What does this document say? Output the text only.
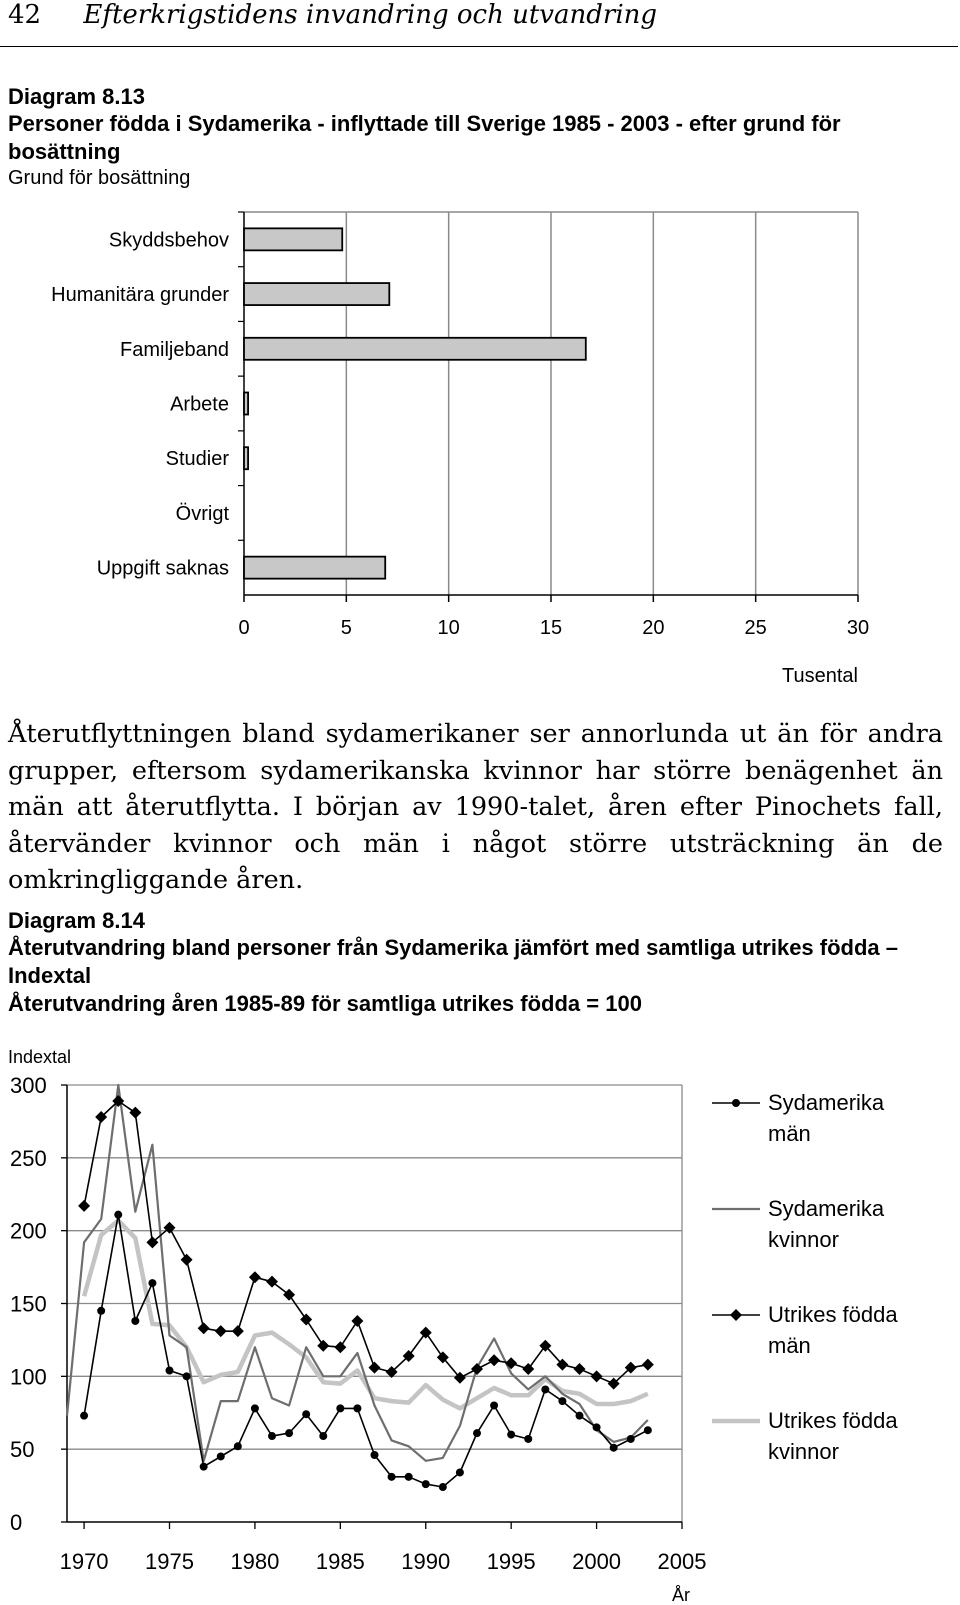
42 Efterkrigstidens invandring och utvandring
Diagram 8.13
Personer födda i Sydamerika - inflyttade till Sverige 1985 - 2003 - efter grund för bosättning
Grund för bosättning
0	5	10	15	20	25	30
Skyddsbehov
Humanitära grunder
Familjeband
Arbete
Studier
Övrigt
Uppgift saknas
Tusental
Återutflyttningen bland sydamerikaner ser annorlunda ut än för andra grupper, eftersom sydamerikanska kvinnor har större benägenhet än män att återutflytta. I början av 1990-talet, åren efter Pinochets fall, återvänder kvinnor och män i något större utsträckning än de omkringliggande åren.
Diagram 8.14
Återutvandring bland personer från Sydamerika jämfört med samtliga utrikes födda – Indextal
Återutvandring åren 1985-89 för samtliga utrikes födda = 100
0
50
100
150
200
250
300
1970 1975 1980 1985 1990 1995 2000 2005
Indextal
År
Sydamerika män
Sydamerika kvinnor
Utrikes födda män
Utrikes födda kvinnor
